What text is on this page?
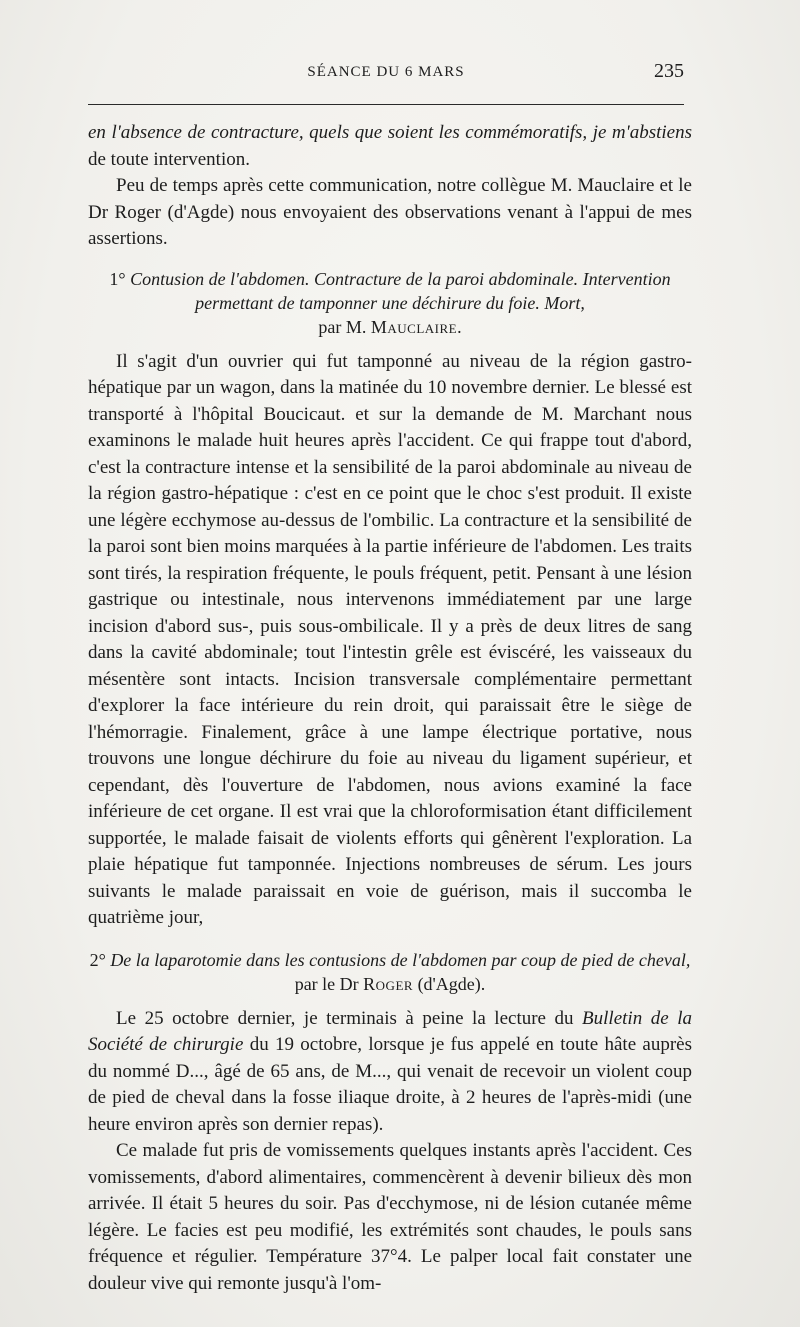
SÉANCE DU 6 MARS	235

en l'absence de contracture, quels que soient les commémoratifs, je m'abstiens de toute intervention.

Peu de temps après cette communication, notre collègue M. Mauclaire et le Dr Roger (d'Agde) nous envoyaient des observations venant à l'appui de mes assertions.

1° Contusion de l'abdomen. Contracture de la paroi abdominale. Intervention permettant de tamponner une déchirure du foie. Mort,
par M. Mauclaire.

Il s'agit d'un ouvrier qui fut tamponné au niveau de la région gastro-hépatique par un wagon, dans la matinée du 10 novembre dernier. Le blessé est transporté à l'hôpital Boucicaut. et sur la demande de M. Marchant nous examinons le malade huit heures après l'accident. Ce qui frappe tout d'abord, c'est la contracture intense et la sensibilité de la paroi abdominale au niveau de la région gastro-hépatique : c'est en ce point que le choc s'est produit. Il existe une légère ecchymose au-dessus de l'ombilic. La contracture et la sensibilité de la paroi sont bien moins marquées à la partie inférieure de l'abdomen. Les traits sont tirés, la respiration fréquente, le pouls fréquent, petit. Pensant à une lésion gastrique ou intestinale, nous intervenons immédiatement par une large incision d'abord sus-, puis sous-ombilicale. Il y a près de deux litres de sang dans la cavité abdominale; tout l'intestin grêle est éviscéré, les vaisseaux du mésentère sont intacts. Incision transversale complémentaire permettant d'explorer la face intérieure du rein droit, qui paraissait être le siège de l'hémorragie. Finalement, grâce à une lampe électrique portative, nous trouvons une longue déchirure du foie au niveau du ligament supérieur, et cependant, dès l'ouverture de l'abdomen, nous avions examiné la face inférieure de cet organe. Il est vrai que la chloroformisation étant difficilement supportée, le malade faisait de violents efforts qui gênèrent l'exploration. La plaie hépatique fut tamponnée. Injections nombreuses de sérum. Les jours suivants le malade paraissait en voie de guérison, mais il succomba le quatrième jour,

2° De la laparotomie dans les contusions de l'abdomen par coup de pied de cheval, par le Dr Roger (d'Agde).

Le 25 octobre dernier, je terminais à peine la lecture du Bulletin de la Société de chirurgie du 19 octobre, lorsque je fus appelé en toute hâte auprès du nommé D..., âgé de 65 ans, de M..., qui venait de recevoir un violent coup de pied de cheval dans la fosse iliaque droite, à 2 heures de l'après-midi (une heure environ après son dernier repas).

Ce malade fut pris de vomissements quelques instants après l'accident. Ces vomissements, d'abord alimentaires, commencèrent à devenir bilieux dès mon arrivée. Il était 5 heures du soir. Pas d'ecchymose, ni de lésion cutanée même légère. Le facies est peu modifié, les extrémités sont chaudes, le pouls sans fréquence et régulier. Température 37°4. Le palper local fait constater une douleur vive qui remonte jusqu'à l'om-
